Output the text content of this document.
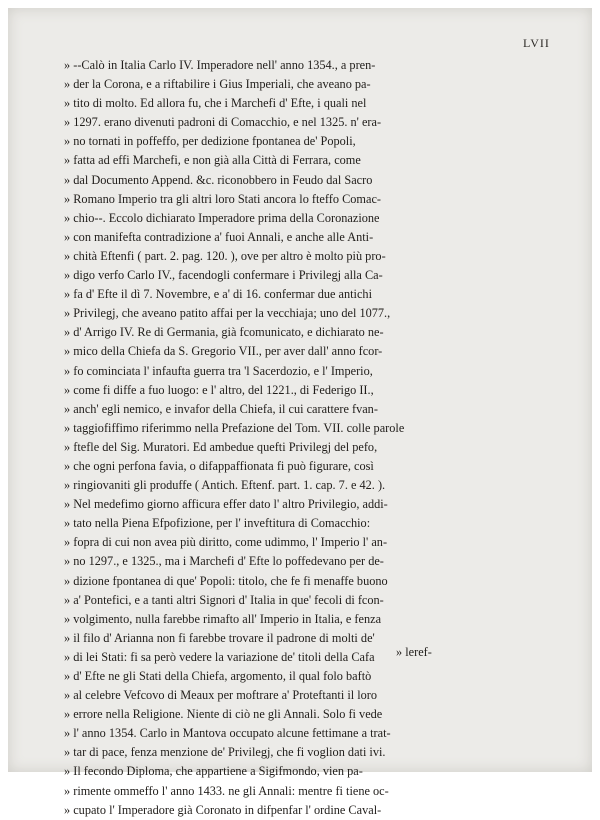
LVII
» --Calò in Italia Carlo IV. Imperadore nell' anno 1354., a pren-
» der la Corona, e a riftabilire i Gius Imperiali, che aveano pa-
» tito di molto. Ed allora fu, che i Marchefi d' Efte, i quali nel
» 1297. erano divenuti padroni di Comacchio, e nel 1325. n' era-
» no tornati in poffeffo, per dedizione fpontanea de' Popoli,
» fatta ad effi Marchefi, e non già alla Città di Ferrara, come
» dal Documento Append. &c. riconobbero in Feudo dal Sacro
» Romano Imperio tra gli altri loro Stati ancora lo fteffo Comac-
» chio--. Eccolo dichiarato Imperadore prima della Coronazione
» con manifefta contradizione a' fuoi Annali, e anche alle Anti-
» chità Eftenfi ( part. 2. pag. 120. ), ove per altro è molto più pro-
» digo verfo Carlo IV., facendogli confermare i Privilegj alla Ca-
» fa d' Efte il dì 7. Novembre, e a' di 16. confermar due antichi
» Privilegj, che aveano patito affai per la vecchiaja; uno del 1077.,
» d' Arrigo IV. Re di Germania, già fcomunicato, e dichiarato ne-
» mico della Chiefa da S. Gregorio VII., per aver dall' anno fcor-
» fo cominciata l' infaufta guerra tra 'l Sacerdozio, e l' Imperio,
» come fi diffe a fuo luogo: e l' altro, del 1221., di Federigo II.,
» anch' egli nemico, e invafor della Chiefa, il cui carattere fvan-
» taggiofiffimo riferimmo nella Prefazione del Tom. VII. colle parole
» ftefle del Sig. Muratori. Ed ambedue quefti Privilegj del pefo,
» che ogni perfona favia, o difappaffionata fi può figurare, così
» ringiovaniti gli produffe ( Antich. Eftenf. part. 1. cap. 7. e 42. ).
» Nel medefimo giorno afficura effer dato l' altro Privilegio, addi-
» tato nella Piena Efpofizione, per l' inveftitura di Comacchio:
» fopra di cui non avea più diritto, come udimmo, l' Imperio l' an-
» no 1297., e 1325., ma i Marchefi d' Efte lo poffedevano per de-
» dizione fpontanea di que' Popoli: titolo, che fe fi menaffe buono
» a' Pontefici, e a tanti altri Signori d' Italia in que' fecoli di fcon-
» volgimento, nulla farebbe rimafto all' Imperio in Italia, e fenza
» il filo d' Arianna non fi farebbe trovare il padrone di molti de'
» di lei Stati: fi sa però vedere la variazione de' titoli della Cafa
» d' Efte ne gli Stati della Chiefa, argomento, il qual folo baftò
» al celebre Vefcovo di Meaux per moftrare a' Proteftanti il loro
» errore nella Religione. Niente di ciò ne gli Annali. Solo fi vede
» l' anno 1354. Carlo in Mantova occupato alcune fettimane a trat-
» tar di pace, fenza menzione de' Privilegj, che fi voglion dati ivi.
» Il fecondo Diploma, che appartiene a Sigifmondo, vien pa-
» rimente ommeffo l' anno 1433. ne gli Annali: mentre fi tiene oc-
» cupato l' Imperadore già Coronato in difpenfar l' ordine Caval-
» leref-
